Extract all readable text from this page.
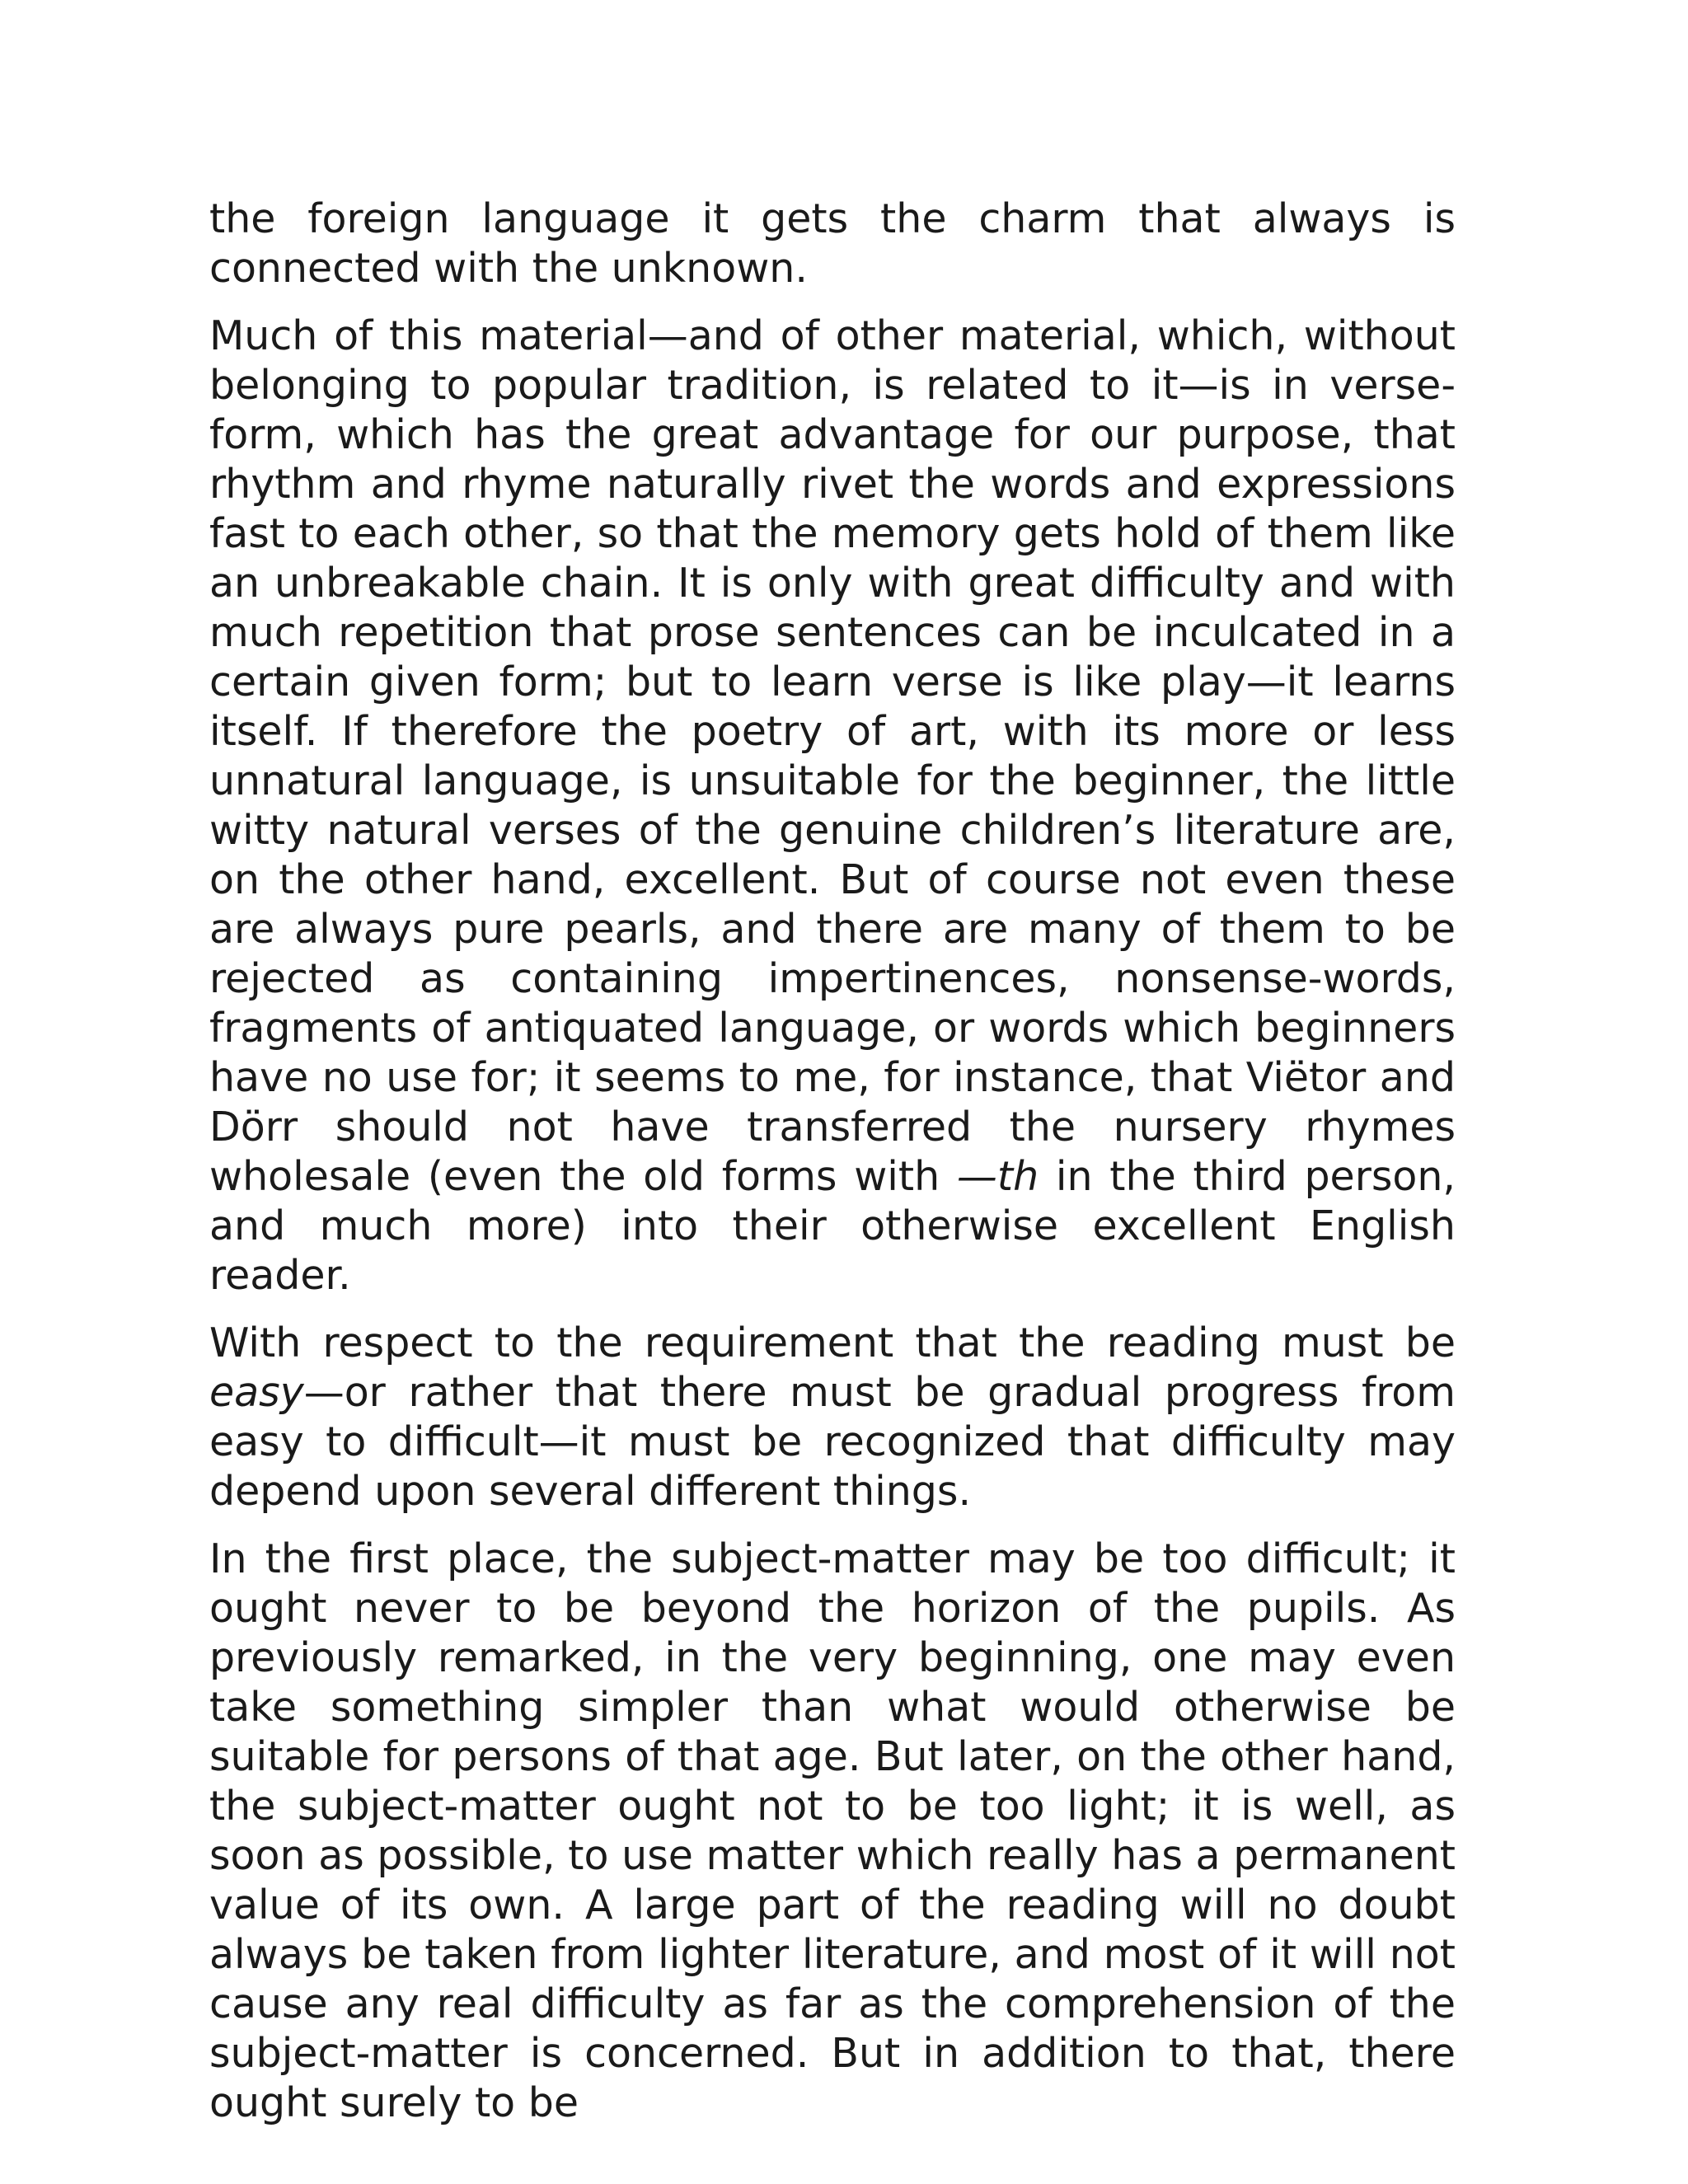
the foreign language it gets the charm that always is connected with the unknown.

Much of this material—and of other material, which, without belonging to popular tradition, is related to it—is in verse-form, which has the great advantage for our purpose, that rhythm and rhyme naturally rivet the words and expressions fast to each other, so that the memory gets hold of them like an unbreakable chain. It is only with great difficulty and with much repetition that prose sentences can be inculcated in a certain given form; but to learn verse is like play—it learns itself. If therefore the poetry of art, with its more or less unnatural language, is unsuitable for the beginner, the little witty natural verses of the genuine children’s literature are, on the other hand, excellent. But of course not even these are always pure pearls, and there are many of them to be rejected as containing impertinences, nonsense-words, fragments of antiquated language, or words which beginners have no use for; it seems to me, for instance, that Viëtor and Dörr should not have transferred the nursery rhymes wholesale (even the old forms with —th in the third person, and much more) into their otherwise excellent English reader.

With respect to the requirement that the reading must be easy—or rather that there must be gradual progress from easy to difficult—it must be recognized that difficulty may depend upon several different things.

In the first place, the subject-matter may be too difficult; it ought never to be beyond the horizon of the pupils. As previously remarked, in the very beginning, one may even take something simpler than what would otherwise be suitable for persons of that age. But later, on the other hand, the subject-matter ought not to be too light; it is well, as soon as possible, to use matter which really has a permanent value of its own. A large part of the reading will no doubt always be taken from lighter literature, and most of it will not cause any real difficulty as far as the comprehension of the subject-matter is concerned. But in addition to that, there ought surely to be
